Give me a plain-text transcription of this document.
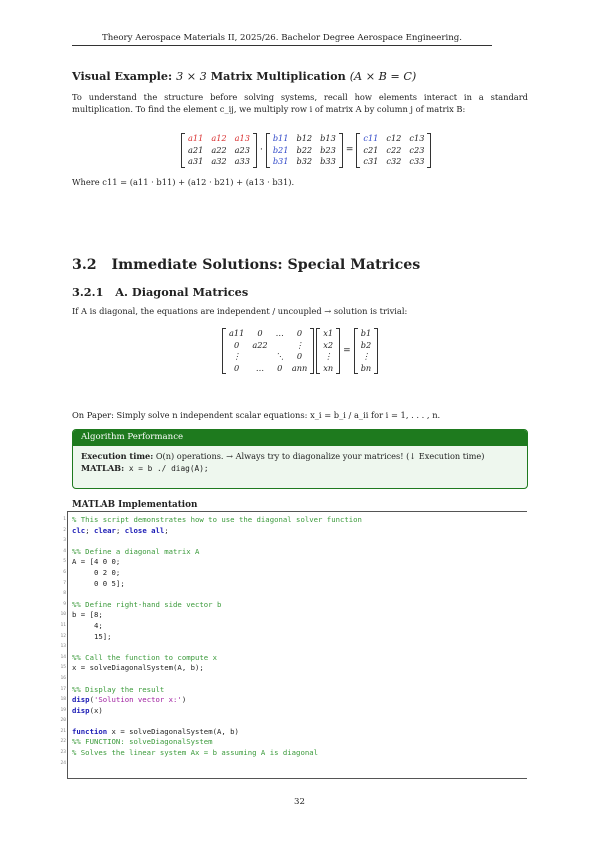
Theory Aerospace Materials II, 2025/26. Bachelor Degree Aerospace Engineering.
Visual Example: 3 × 3 Matrix Multiplication (A × B = C)
To understand the structure before solving systems, recall how elements interact in a standard multiplication. To find the element c_ij, we multiply row i of matrix A by column j of matrix B:
a11	a12	a13
a21	a22	a23
a31	a32	a33
·
b11	b12	b13
b21	b22	b23
b31	b32	b33
=
c11	c12	c13
c21	c22	c23
c31	c32	c33
Where c11 = (a11 · b11) + (a12 · b21) + (a13 · b31).
3.2 Immediate Solutions: Special Matrices
3.2.1 A. Diagonal Matrices
If A is diagonal, the equations are independent / uncoupled → solution is trivial:
a11	0	…	0
0	a22		⋮
⋮		⋱	0
0	…	0	ann
x1
x2
⋮
xn
=
b1
b2
⋮
bn
On Paper: Simply solve n independent scalar equations: x_i = b_i / a_ii for i = 1, . . . , n.
Algorithm Performance
Execution time: O(n) operations. → Always try to diagonalize your matrices! (↓ Execution time)
MATLAB: x = b ./ diag(A);
MATLAB Implementation
1 % This script demonstrates how to use the diagonal solver function
2 clc ; clear ; close all ;
3
4 %% Define a diagonal matrix A
5 A = [4 0 0;
6 0 2 0;
7 0 0 5];
8
9 %% Define right-hand side vector b
10 b = [8;
11 4;
12 15];
13
14 %% Call the function to compute x
15 x = solveDiagonalSystem(A, b);
16
17 %% Display the result
18 disp ( 'Solution vector x:' )
19 disp (x)
20
21 function x = solveDiagonalSystem(A, b)
22 %% FUNCTION: solveDiagonalSystem
23 % Solves the linear system Ax = b assuming A is diagonal
24
32
